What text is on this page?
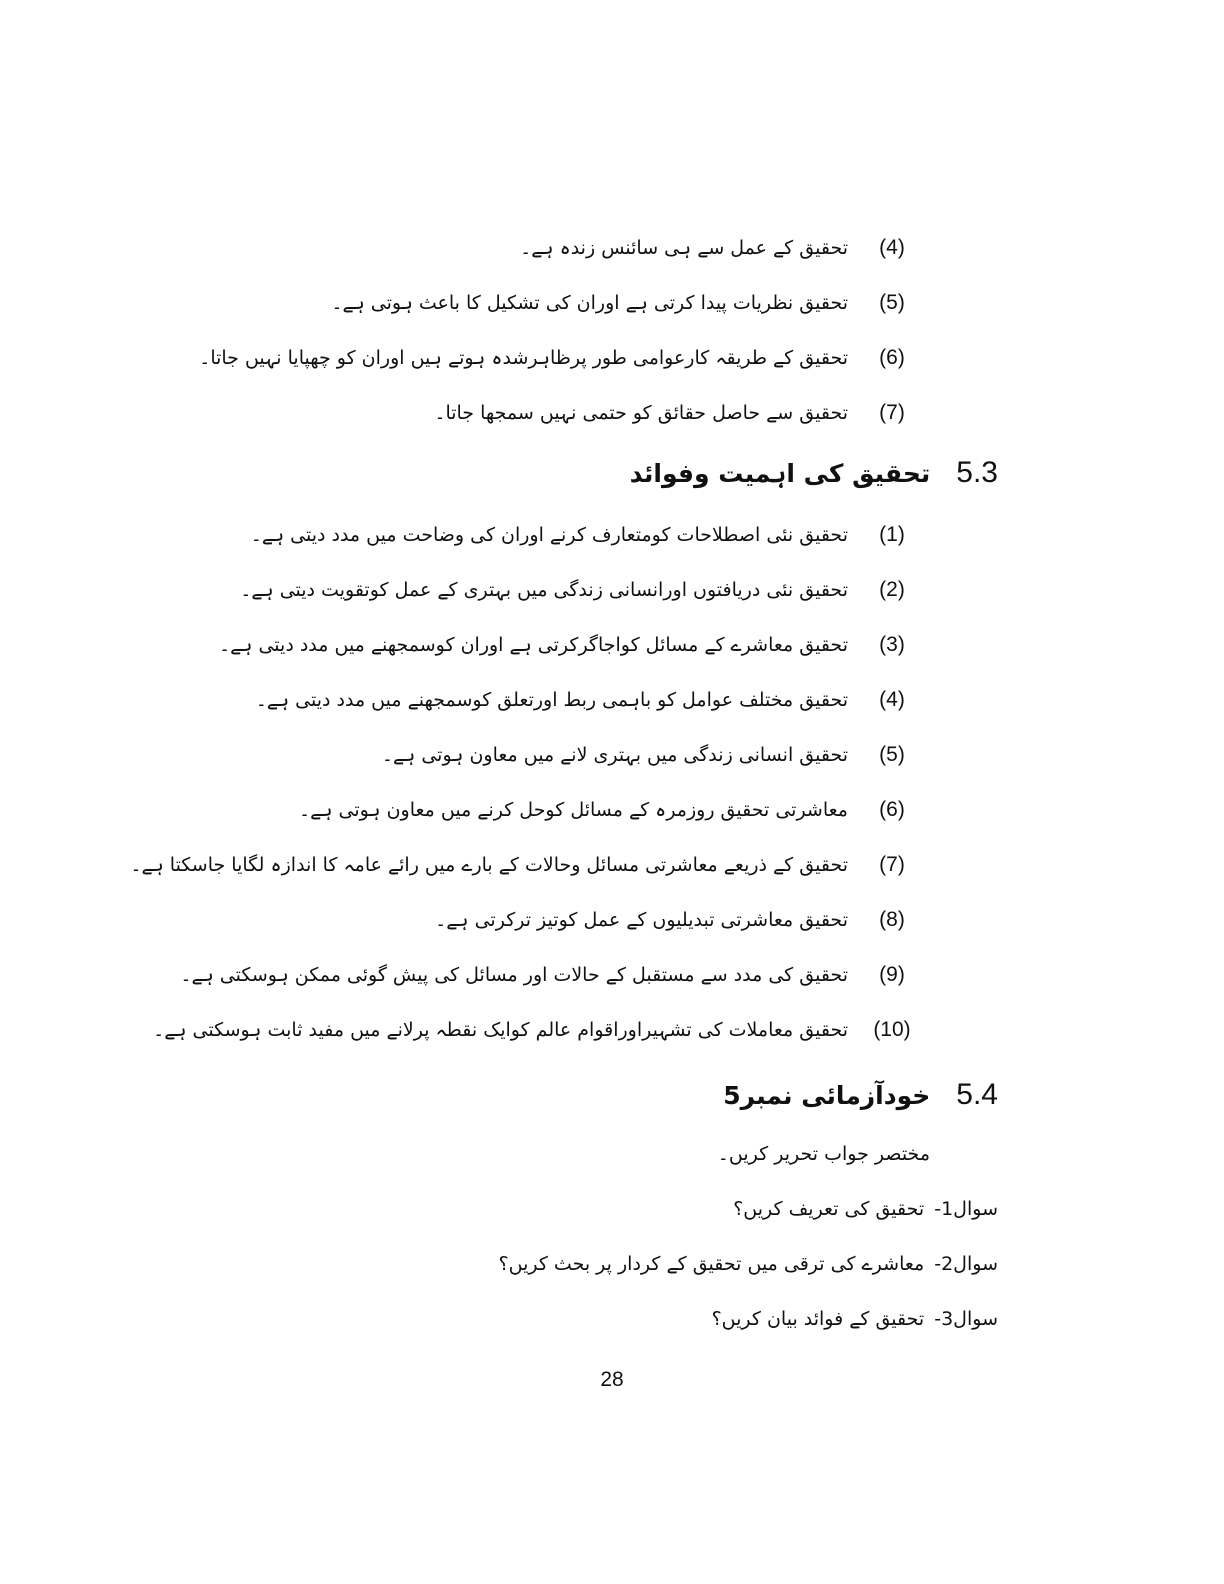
(4)
تحقیق کے عمل سے ہی سائنس زندہ ہے۔
(5)
تحقیق نظریات پیدا کرتی ہے اوران کی تشکیل کا باعث ہوتی ہے۔
(6)
تحقیق کے طریقہ کارعوامی طور پرظاہرشدہ ہوتے ہیں اوران کو چھپایا نہیں جاتا۔
(7)
تحقیق سے حاصل حقائق کو حتمی نہیں سمجھا جاتا۔
5.3
تحقیق کی اہمیت وفوائد
(1)
تحقیق نئی اصطلاحات کومتعارف کرنے اوران کی وضاحت میں مدد دیتی ہے۔
(2)
تحقیق نئی دریافتوں اورانسانی زندگی میں بہتری کے عمل کوتقویت دیتی ہے۔
(3)
تحقیق معاشرے کے مسائل کواجاگرکرتی ہے اوران کوسمجھنے میں مدد دیتی ہے۔
(4)
تحقیق مختلف عوامل کو باہمی ربط اورتعلق کوسمجھنے میں مدد دیتی ہے۔
(5)
تحقیق انسانی زندگی میں بہتری لانے میں معاون ہوتی ہے۔
(6)
معاشرتی تحقیق روزمرہ کے مسائل کوحل کرنے میں معاون ہوتی ہے۔
(7)
تحقیق کے ذریعے معاشرتی مسائل وحالات کے بارے میں رائے عامہ کا اندازہ لگایا جاسکتا ہے۔
(8)
تحقیق معاشرتی تبدیلیوں کے عمل کوتیز ترکرتی ہے۔
(9)
تحقیق کی مدد سے مستقبل کے حالات اور مسائل کی پیش گوئی ممکن ہوسکتی ہے۔
(10)
تحقیق معاملات کی تشہیراوراقوام عالم کوایک نقطہ پرلانے میں مفید ثابت ہوسکتی ہے۔
5.4
خودآزمائی نمبر5
مختصر جواب تحریر کریں۔
سوال1-
تحقیق کی تعریف کریں؟
سوال2-
معاشرے کی ترقی میں تحقیق کے کردار پر بحث کریں؟
سوال3-
تحقیق کے فوائد بیان کریں؟
28
